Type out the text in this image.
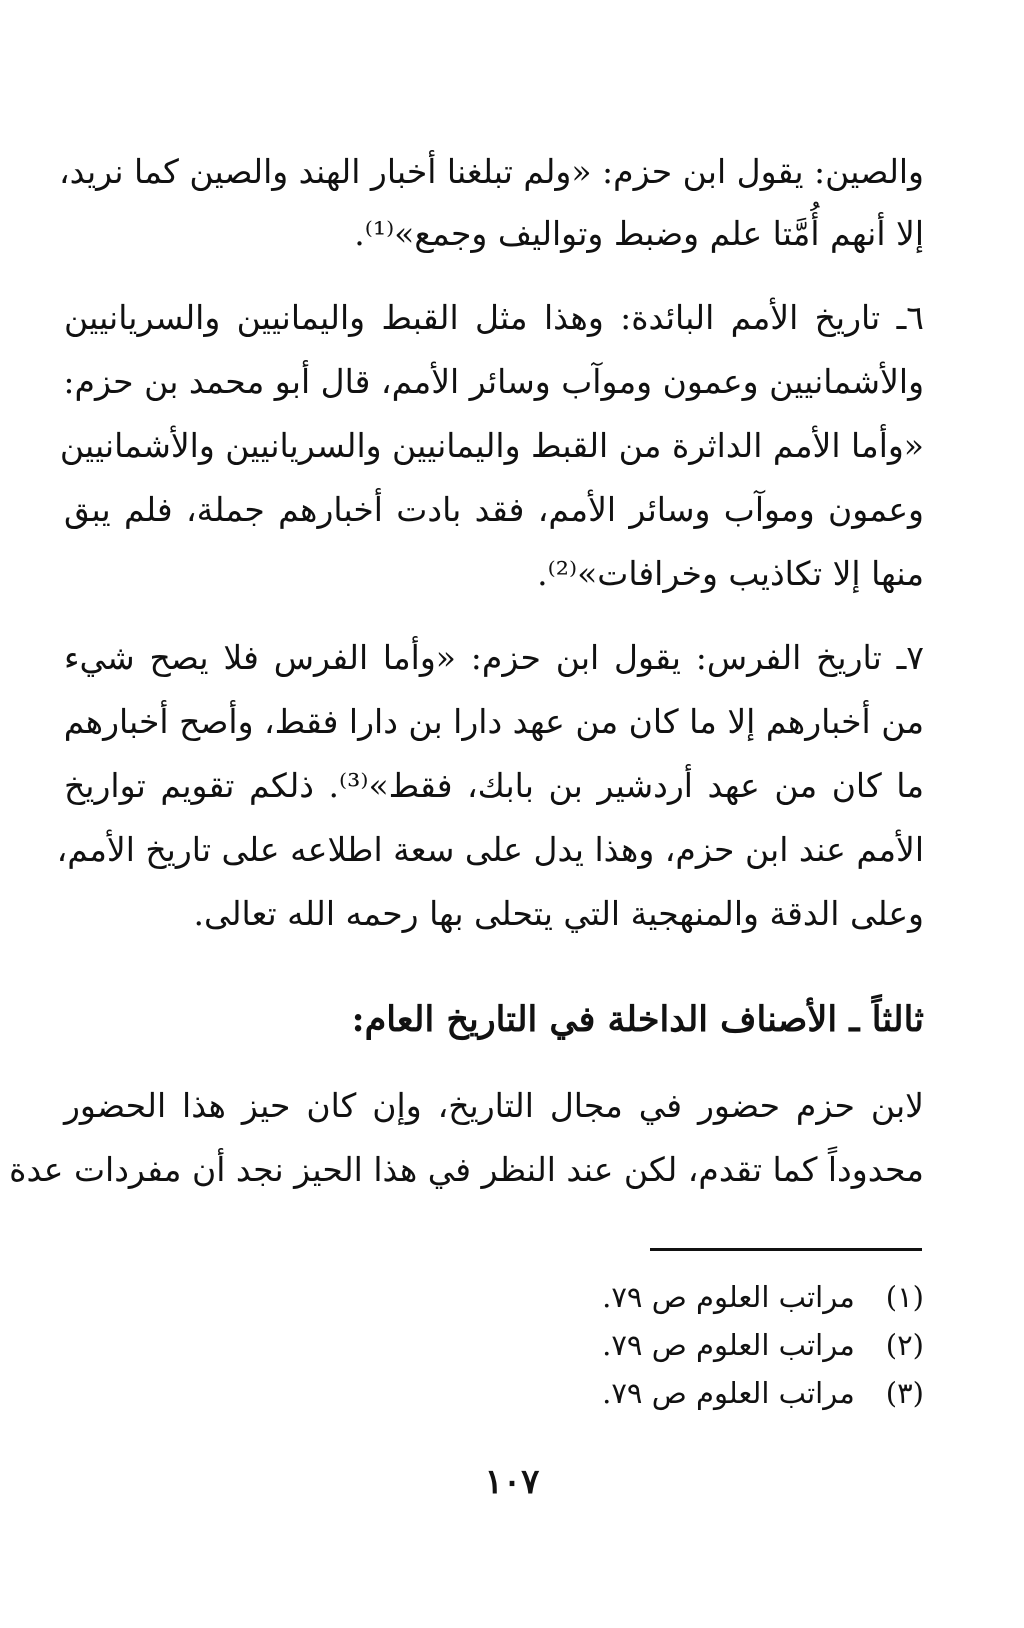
والصين: يقول ابن حزم: «ولم تبلغنا أخبار الهند والصين كما نريد،
إلا أنهم أُمَّتا علم وضبط وتواليف وجمع»⁽¹⁾.
٦ـ تاريخ الأمم البائدة: وهذا مثل القبط واليمانيين والسريانيين
والأشمانيين وعمون وموآب وسائر الأمم، قال أبو محمد بن حزم:
«وأما الأمم الداثرة من القبط واليمانيين والسريانيين والأشمانيين
وعمون وموآب وسائر الأمم، فقد بادت أخبارهم جملة، فلم يبق
منها إلا تكاذيب وخرافات»⁽²⁾.
٧ـ تاريخ الفرس: يقول ابن حزم: «وأما الفرس فلا يصح شيء
من أخبارهم إلا ما كان من عهد دارا بن دارا فقط، وأصح أخبارهم
ما كان من عهد أردشير بن بابك، فقط»⁽³⁾. ذلكم تقويم تواريخ
الأمم عند ابن حزم، وهذا يدل على سعة اطلاعه على تاريخ الأمم،
وعلى الدقة والمنهجية التي يتحلى بها رحمه الله تعالى.
ثالثاً ـ الأصناف الداخلة في التاريخ العام:
لابن حزم حضور في مجال التاريخ، وإن كان حيز هذا الحضور
محدوداً كما تقدم، لكن عند النظر في هذا الحيز نجد أن مفردات عدة
(١) مراتب العلوم ص ٧٩.
(٢) مراتب العلوم ص ٧٩.
(٣) مراتب العلوم ص ٧٩.
١٠٧
